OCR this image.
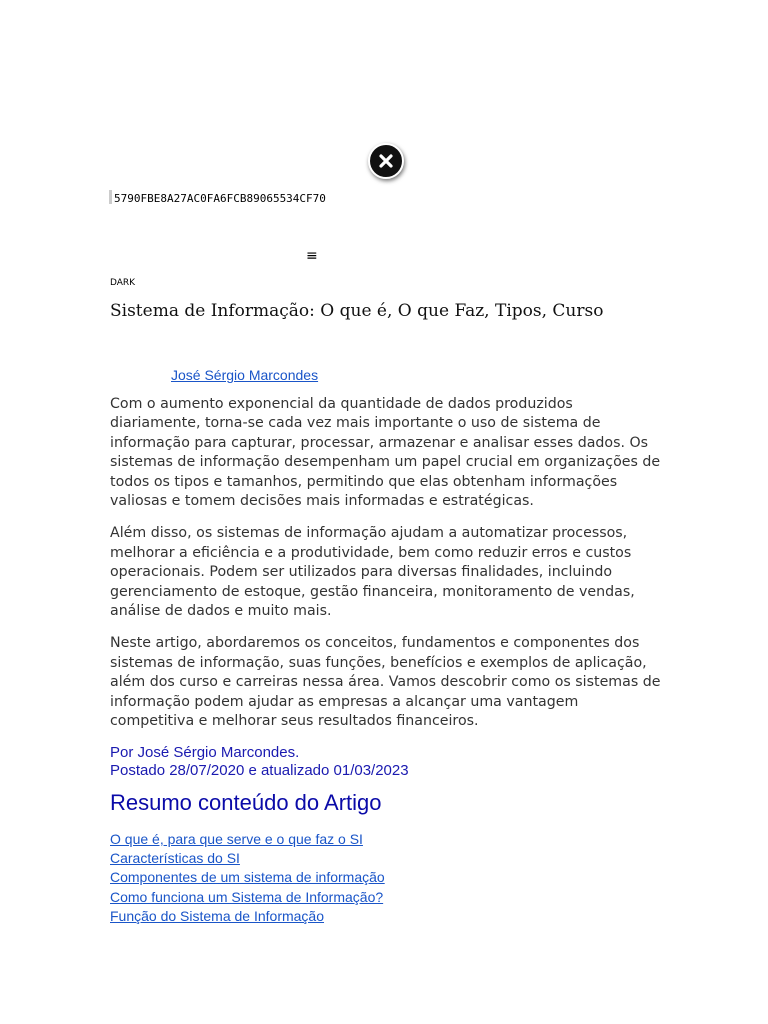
5790FBE8A27AC0FA6FCB89065534CF70
≡
DARK
Sistema de Informação: O que é, O que Faz, Tipos, Curso
José Sérgio Marcondes

Com o aumento exponencial da quantidade de dados produzidos diariamente, torna-se cada vez mais importante o uso de sistema de informação para capturar, processar, armazenar e analisar esses dados. Os sistemas de informação desempenham um papel crucial em organizações de todos os tipos e tamanhos, permitindo que elas obtenham informações valiosas e tomem decisões mais informadas e estratégicas.

Além disso, os sistemas de informação ajudam a automatizar processos, melhorar a eficiência e a produtividade, bem como reduzir erros e custos operacionais. Podem ser utilizados para diversas finalidades, incluindo gerenciamento de estoque, gestão financeira, monitoramento de vendas, análise de dados e muito mais.

Neste artigo, abordaremos os conceitos, fundamentos e componentes dos sistemas de informação, suas funções, benefícios e exemplos de aplicação, além dos curso e carreiras nessa área. Vamos descobrir como os sistemas de informação podem ajudar as empresas a alcançar uma vantagem competitiva e melhorar seus resultados financeiros.

Por José Sérgio Marcondes.
Postado 28/07/2020 e atualizado 01/03/2023
Resumo conteúdo do Artigo
O que é, para que serve e o que faz o SI
Características do SI
Componentes de um sistema de informação
Como funciona um Sistema de Informação?
Função do Sistema de Informação
